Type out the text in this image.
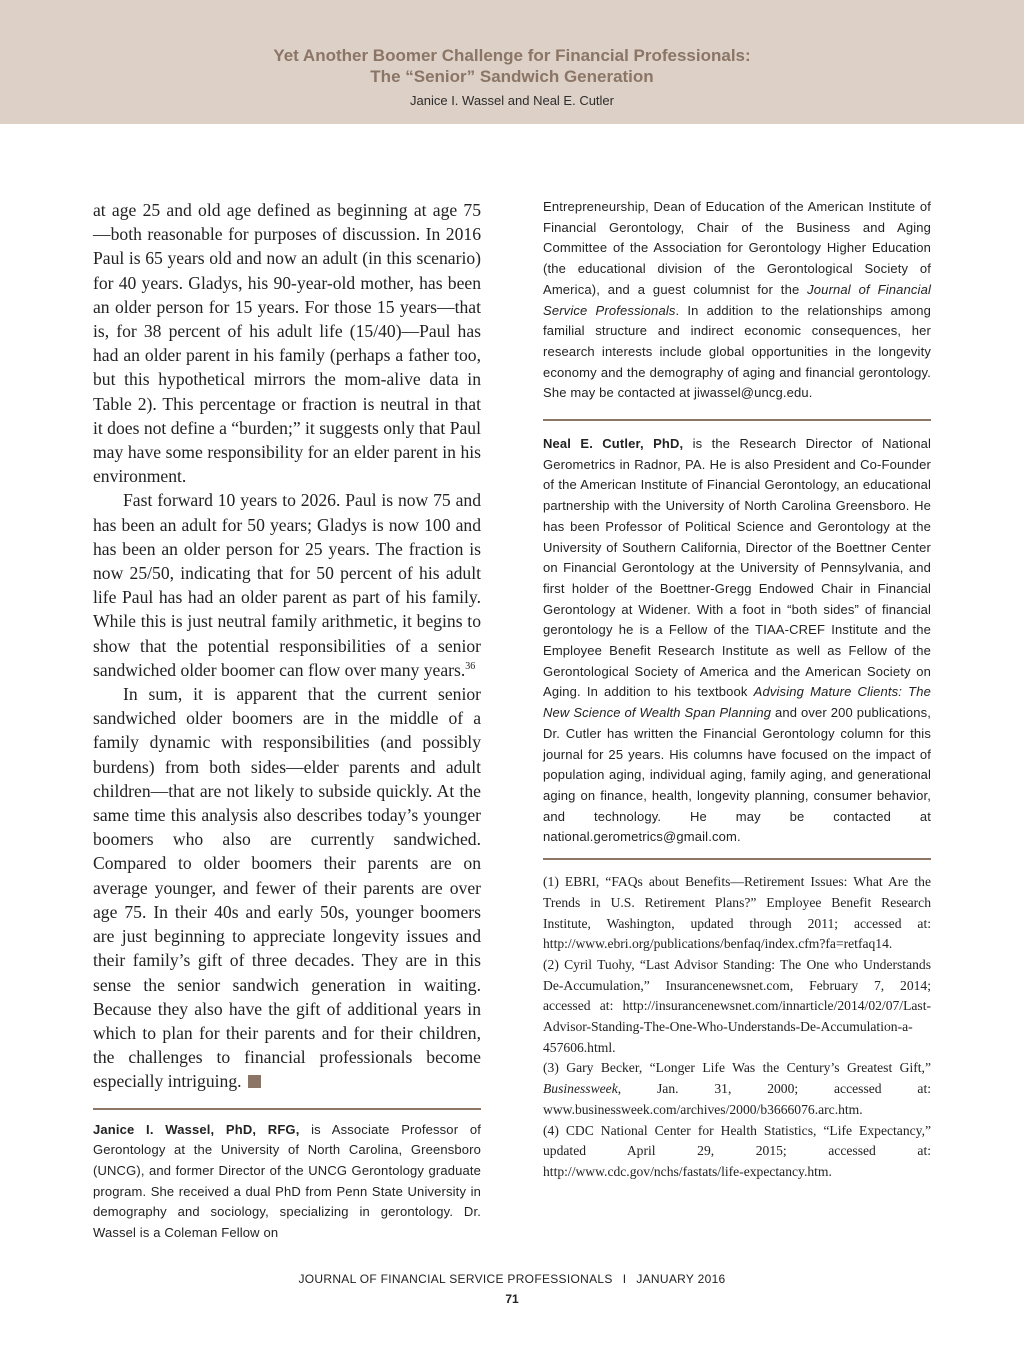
Yet Another Boomer Challenge for Financial Professionals:
The “Senior” Sandwich Generation
Janice I. Wassel and Neal E. Cutler

at age 25 and old age defined as beginning at age 75 —both reasonable for purposes of discussion. In 2016 Paul is 65 years old and now an adult (in this scenario) for 40 years. Gladys, his 90-year-old mother, has been an older person for 15 years. For those 15 years—that is, for 38 percent of his adult life (15/40)—Paul has had an older parent in his family (perhaps a father too, but this hypothetical mirrors the mom-alive data in Table 2). This percentage or fraction is neutral in that it does not define a “burden;” it suggests only that Paul may have some responsibility for an elder parent in his environment.

Fast forward 10 years to 2026. Paul is now 75 and has been an adult for 50 years; Gladys is now 100 and has been an older person for 25 years. The fraction is now 25/50, indicating that for 50 percent of his adult life Paul has had an older parent as part of his family. While this is just neutral family arithmetic, it begins to show that the potential responsibilities of a senior sandwiched older boomer can flow over many years.$^{36}$

In sum, it is apparent that the current senior sandwiched older boomers are in the middle of a family dynamic with responsibilities (and possibly burdens) from both sides—elder parents and adult children—that are not likely to subside quickly. At the same time this analysis also describes today’s younger boomers who also are currently sandwiched. Compared to older boomers their parents are on average younger, and fewer of their parents are over age 75. In their 40s and early 50s, younger boomers are just beginning to appreciate longevity issues and their family’s gift of three decades. They are in this sense the senior sandwich generation in waiting. Because they also have the gift of additional years in which to plan for their parents and for their children, the challenges to financial professionals become especially intriguing.

Janice I. Wassel, PhD, RFG, is Associate Professor of Gerontology at the University of North Carolina, Greensboro (UNCG), and former Director of the UNCG Gerontology graduate program. She received a dual PhD from Penn State University in demography and sociology, specializing in gerontology. Dr. Wassel is a Coleman Fellow on

Entrepreneurship, Dean of Education of the American Institute of Financial Gerontology, Chair of the Business and Aging Committee of the Association for Gerontology Higher Education (the educational division of the Gerontological Society of America), and a guest columnist for the Journal of Financial Service Professionals. In addition to the relationships among familial structure and indirect economic consequences, her research interests include global opportunities in the longevity economy and the demography of aging and financial gerontology. She may be contacted at jiwassel@uncg.edu.

Neal E. Cutler, PhD, is the Research Director of National Gerometrics in Radnor, PA. He is also President and Co-Founder of the American Institute of Financial Gerontology, an educational partnership with the University of North Carolina Greensboro. He has been Professor of Political Science and Gerontology at the University of Southern California, Director of the Boettner Center on Financial Gerontology at the University of Pennsylvania, and first holder of the Boettner-Gregg Endowed Chair in Financial Gerontology at Widener. With a foot in “both sides” of financial gerontology he is a Fellow of the TIAA-CREF Institute and the Employee Benefit Research Institute as well as Fellow of the Gerontological Society of America and the American Society on Aging. In addition to his textbook Advising Mature Clients: The New Science of Wealth Span Planning and over 200 publications, Dr. Cutler has written the Financial Gerontology column for this journal for 25 years. His columns have focused on the impact of population aging, individual aging, family aging, and generational aging on finance, health, longevity planning, consumer behavior, and technology. He may be contacted at national.gerometrics@gmail.com.

(1) EBRI, “FAQs about Benefits—Retirement Issues: What Are the Trends in U.S. Retirement Plans?” Employee Benefit Research Institute, Washington, updated through 2011; accessed at: http://www.ebri.org/publications/benfaq/index.cfm?fa=retfaq14.

(2) Cyril Tuohy, “Last Advisor Standing: The One who Understands De-Accumulation,” Insurancenewsnet.com, February 7, 2014; accessed at: http://insurancenewsnet.com/innarticle/2014/02/07/Last-Advisor-Standing-The-One-Who-Understands-De-Accumulation-a-457606.html.

(3) Gary Becker, “Longer Life Was the Century’s Greatest Gift,” Businessweek, Jan. 31, 2000; accessed at: www.businessweek.com/archives/2000/b3666076.arc.htm.

(4) CDC National Center for Health Statistics, “Life Expectancy,” updated April 29, 2015; accessed at: http://www.cdc.gov/nchs/fastats/life-expectancy.htm.

JOURNAL OF FINANCIAL SERVICE PROFESSIONALS I JANUARY 2016
71
